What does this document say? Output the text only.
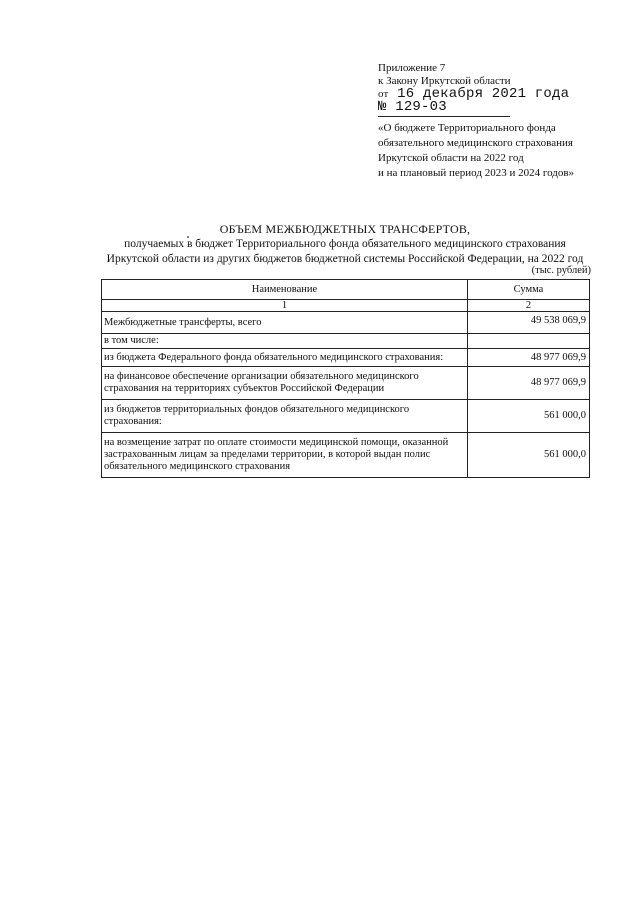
Приложение 7
к Закону Иркутской области
от 16 декабря 2021 года
№ 129-03
«О бюджете Территориального фонда
обязательного медицинского страхования
Иркутской области на 2022 год
и на плановый период 2023 и 2024 годов»
ОБЪЕМ МЕЖБЮДЖЕТНЫХ ТРАНСФЕРТОВ,
получаемых в бюджет Территориального фонда обязательного медицинского страхования
Иркутской области из других бюджетов бюджетной системы Российской Федерации, на 2022 год
(тыс. рублей)
Наименование	Сумма
1	2
Межбюджетные трансферты, всего	49 538 069,9
в том числе:	
из бюджета Федерального фонда обязательного медицинского страхования:	48 977 069,9
на финансовое обеспечение организации обязательного медицинского страхования на территориях субъектов Российской Федерации	48 977 069,9
из бюджетов территориальных фондов обязательного медицинского страхования:	561 000,0
на возмещение затрат по оплате стоимости медицинской помощи, оказанной застрахованным лицам за пределами территории, в которой выдан полис обязательного медицинского страхования	561 000,0
